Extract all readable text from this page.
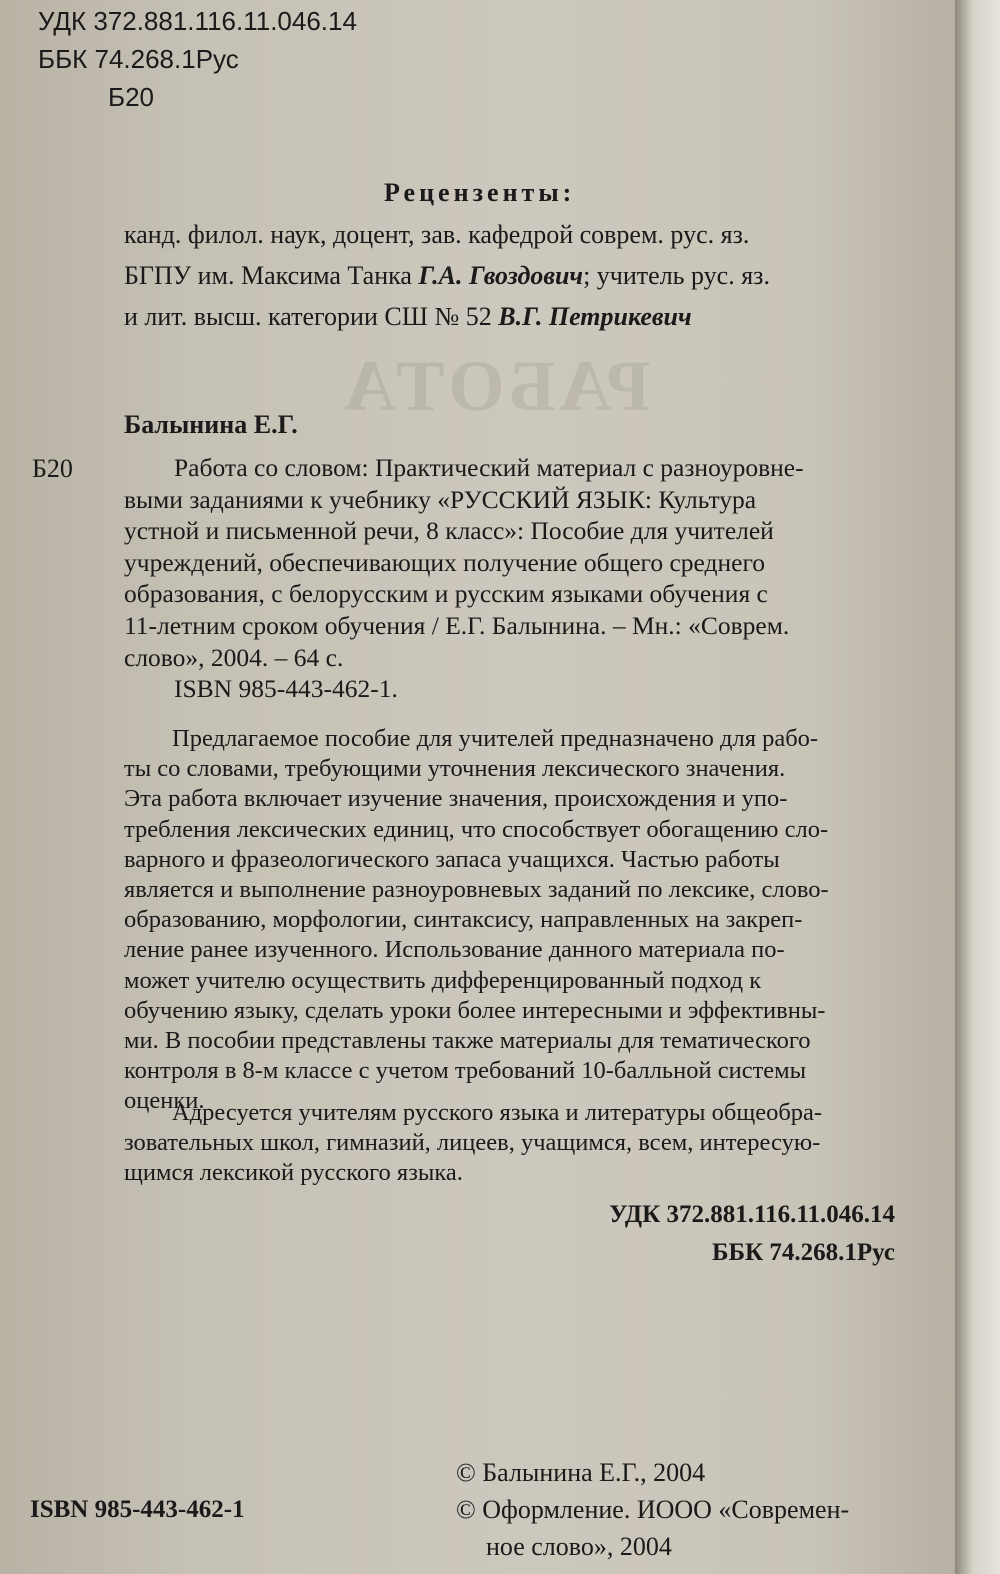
РАБОТА
УДК 372.881.116.11.046.14
ББК 74.268.1Рус
Б20
Рецензенты:
канд. филол. наук, доцент, зав. кафедрой соврем. рус. яз.
БГПУ им. Максима Танка Г.А. Гвоздович; учитель рус. яз.
и лит. высш. категории СШ № 52 В.Г. Петрикевич
Балынина Е.Г.
Б20	Работа со словом: Практический материал с разноуровне-
выми заданиями к учебнику «РУССКИЙ ЯЗЫК: Культура
устной и письменной речи, 8 класс»: Пособие для учителей
учреждений, обеспечивающих получение общего среднего
образования, с белорусским и русским языками обучения с
11-летним сроком обучения / Е.Г. Балынина. – Мн.: «Соврем.
слово», 2004. – 64 с.
ISBN 985-443-462-1.
Предлагаемое пособие для учителей предназначено для рабо-
ты со словами, требующими уточнения лексического значения.
Эта работа включает изучение значения, происхождения и упо-
требления лексических единиц, что способствует обогащению сло-
варного и фразеологического запаса учащихся. Частью работы
является и выполнение разноуровневых заданий по лексике, слово-
образованию, морфологии, синтаксису, направленных на закреп-
ление ранее изученного. Использование данного материала по-
может учителю осуществить дифференцированный подход к
обучению языку, сделать уроки более интересными и эффективны-
ми. В пособии представлены также материалы для тематического
контроля в 8-м классе с учетом требований 10-балльной системы
оценки.
Адресуется учителям русского языка и литературы общеобра-
зовательных школ, гимназий, лицеев, учащимся, всем, интересую-
щимся лексикой русского языка.
УДК 372.881.116.11.046.14
ББК 74.268.1Рус
ISBN 985-443-462-1
© Балынина Е.Г., 2004
© Оформление. ИООО «Современ-
ное слово», 2004
